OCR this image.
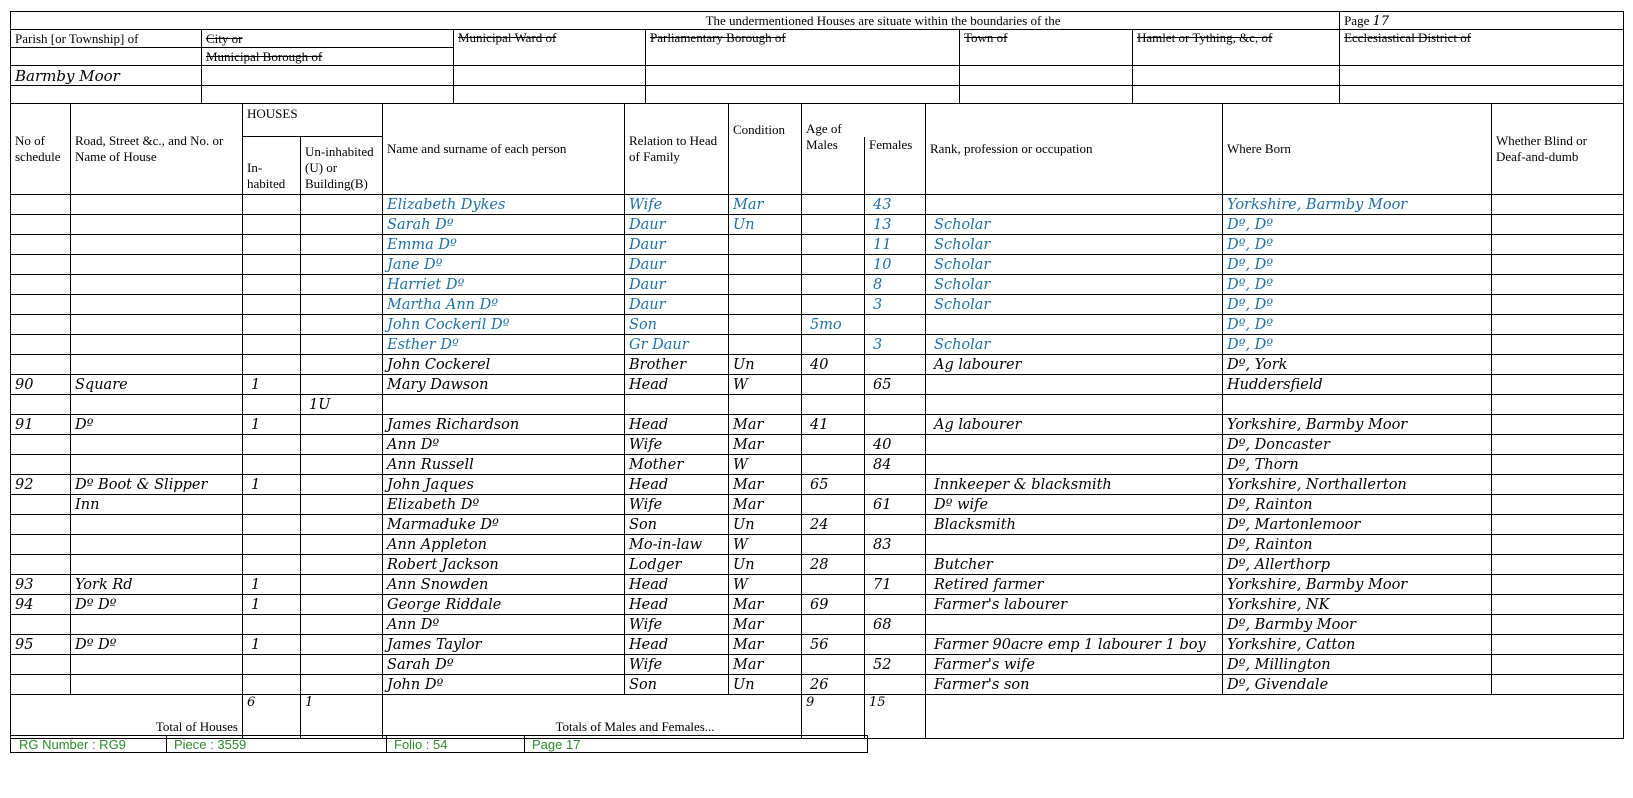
The undermentioned Houses are situate within the boundaries of the						Page 17
Parish [or Township] of	City or	Municipal Ward of	Parliamentary Borough of	Town of	Hamlet or Tything, &c, of	Ecclesiastical District of
	Municipal Borough of					
Barmby Moor						

No of schedule	Road, Street &c., and No. or Name of House	HOUSES		Name and surname of each person	Relation to Head of Family	Condition	Age of		Rank, profession or occupation	Where Born	Whether Blind or Deaf-and-dumb
		In-habited	Un-inhabited (U) or Building(B)				Males	Females			
				Elizabeth Dykes	Wife	Mar		43		Yorkshire, Barmby Moor	
				Sarah Dº	Daur	Un		13	Scholar	Dº, Dº	
				Emma Dº	Daur			11	Scholar	Dº, Dº	
				Jane Dº	Daur			10	Scholar	Dº, Dº	
				Harriet Dº	Daur			8	Scholar	Dº, Dº	
				Martha Ann Dº	Daur			3	Scholar	Dº, Dº	
				John Cockeril Dº	Son		5mo			Dº, Dº	
				Esther Dº	Gr Daur			3	Scholar	Dº, Dº	
				John Cockerel	Brother	Un	40		Ag labourer	Dº, York	
90	Square	1		Mary Dawson	Head	W		65		Huddersfield	
			1U								
91	Dº	1		James Richardson	Head	Mar	41		Ag labourer	Yorkshire, Barmby Moor	
				Ann Dº	Wife	Mar		40		Dº, Doncaster	
				Ann Russell	Mother	W		84		Dº, Thorn	
92	Dº Boot & Slipper	1		John Jaques	Head	Mar	65		Innkeeper & blacksmith	Yorkshire, Northallerton	
	Inn			Elizabeth Dº	Wife	Mar		61	Dº wife	Dº, Rainton	
				Marmaduke Dº	Son	Un	24		Blacksmith	Dº, Martonlemoor	
				Ann Appleton	Mo-in-law	W		83		Dº, Rainton	
				Robert Jackson	Lodger	Un	28		Butcher	Dº, Allerthorp	
93	York Rd	1		Ann Snowden	Head	W		71	Retired farmer	Yorkshire, Barmby Moor	
94	Dº Dº	1		George Riddale	Head	Mar	69		Farmer's labourer	Yorkshire, NK	
				Ann Dº	Wife	Mar		68		Dº, Barmby Moor	
95	Dº Dº	1		James Taylor	Head	Mar	56		Farmer 90acre emp 1 labourer 1 boy	Yorkshire, Catton	
				Sarah Dº	Wife	Mar		52	Farmer's wife	Dº, Millington	
				John Dº	Son	Un	26		Farmer's son	Dº, Givendale	
Total of Houses		6	1	Totals of Males and Females...			9	15			
RG Number : RG9	Piece : 3559	Folio : 54	Page 17
